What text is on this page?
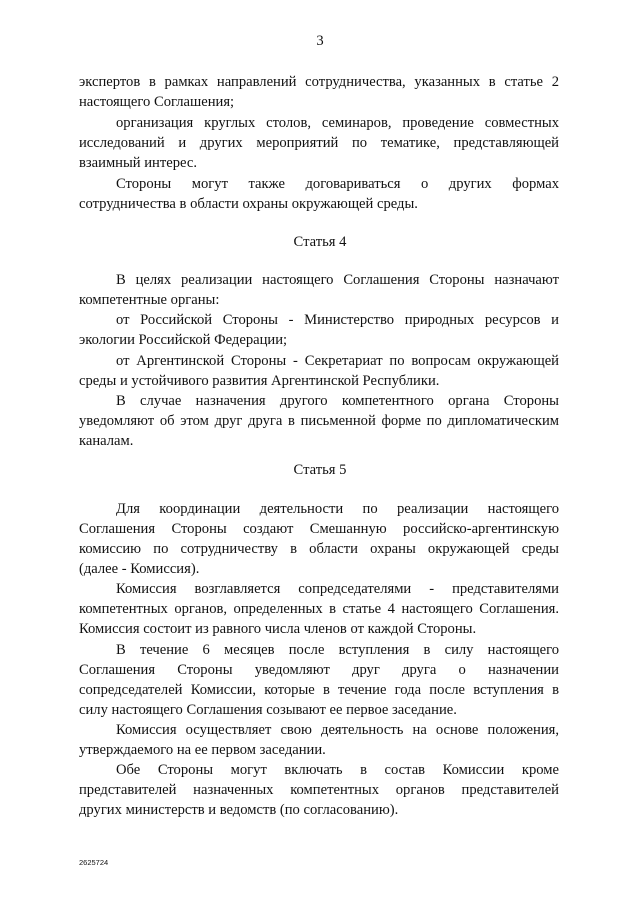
3
экспертов в рамках направлений сотрудничества, указанных в статье 2
настоящего Соглашения;
организация круглых столов, семинаров, проведение совместных
исследований и других мероприятий по тематике, представляющей
взаимный интерес.
Стороны могут также договариваться о других формах
сотрудничества в области охраны окружающей среды.
Статья 4
В целях реализации настоящего Соглашения Стороны назначают
компетентные органы:
от Российской Стороны - Министерство природных ресурсов и
экологии Российской Федерации;
от Аргентинской Стороны - Секретариат по вопросам окружающей
среды и устойчивого развития Аргентинской Республики.
В случае назначения другого компетентного органа Стороны
уведомляют об этом друг друга в письменной форме по дипломатическим
каналам.
Статья 5
Для координации деятельности по реализации настоящего
Соглашения Стороны создают Смешанную российско-аргентинскую
комиссию по сотрудничеству в области охраны окружающей среды
(далее - Комиссия).
Комиссия возглавляется сопредседателями - представителями
компетентных органов, определенных в статье 4 настоящего Соглашения.
Комиссия состоит из равного числа членов от каждой Стороны.
В течение 6 месяцев после вступления в силу настоящего
Соглашения Стороны уведомляют друг друга о назначении
сопредседателей Комиссии, которые в течение года после вступления в
силу настоящего Соглашения созывают ее первое заседание.
Комиссия осуществляет свою деятельность на основе положения,
утверждаемого на ее первом заседании.
Обе Стороны могут включать в состав Комиссии кроме
представителей назначенных компетентных органов представителей
других министерств и ведомств (по согласованию).
2625724
